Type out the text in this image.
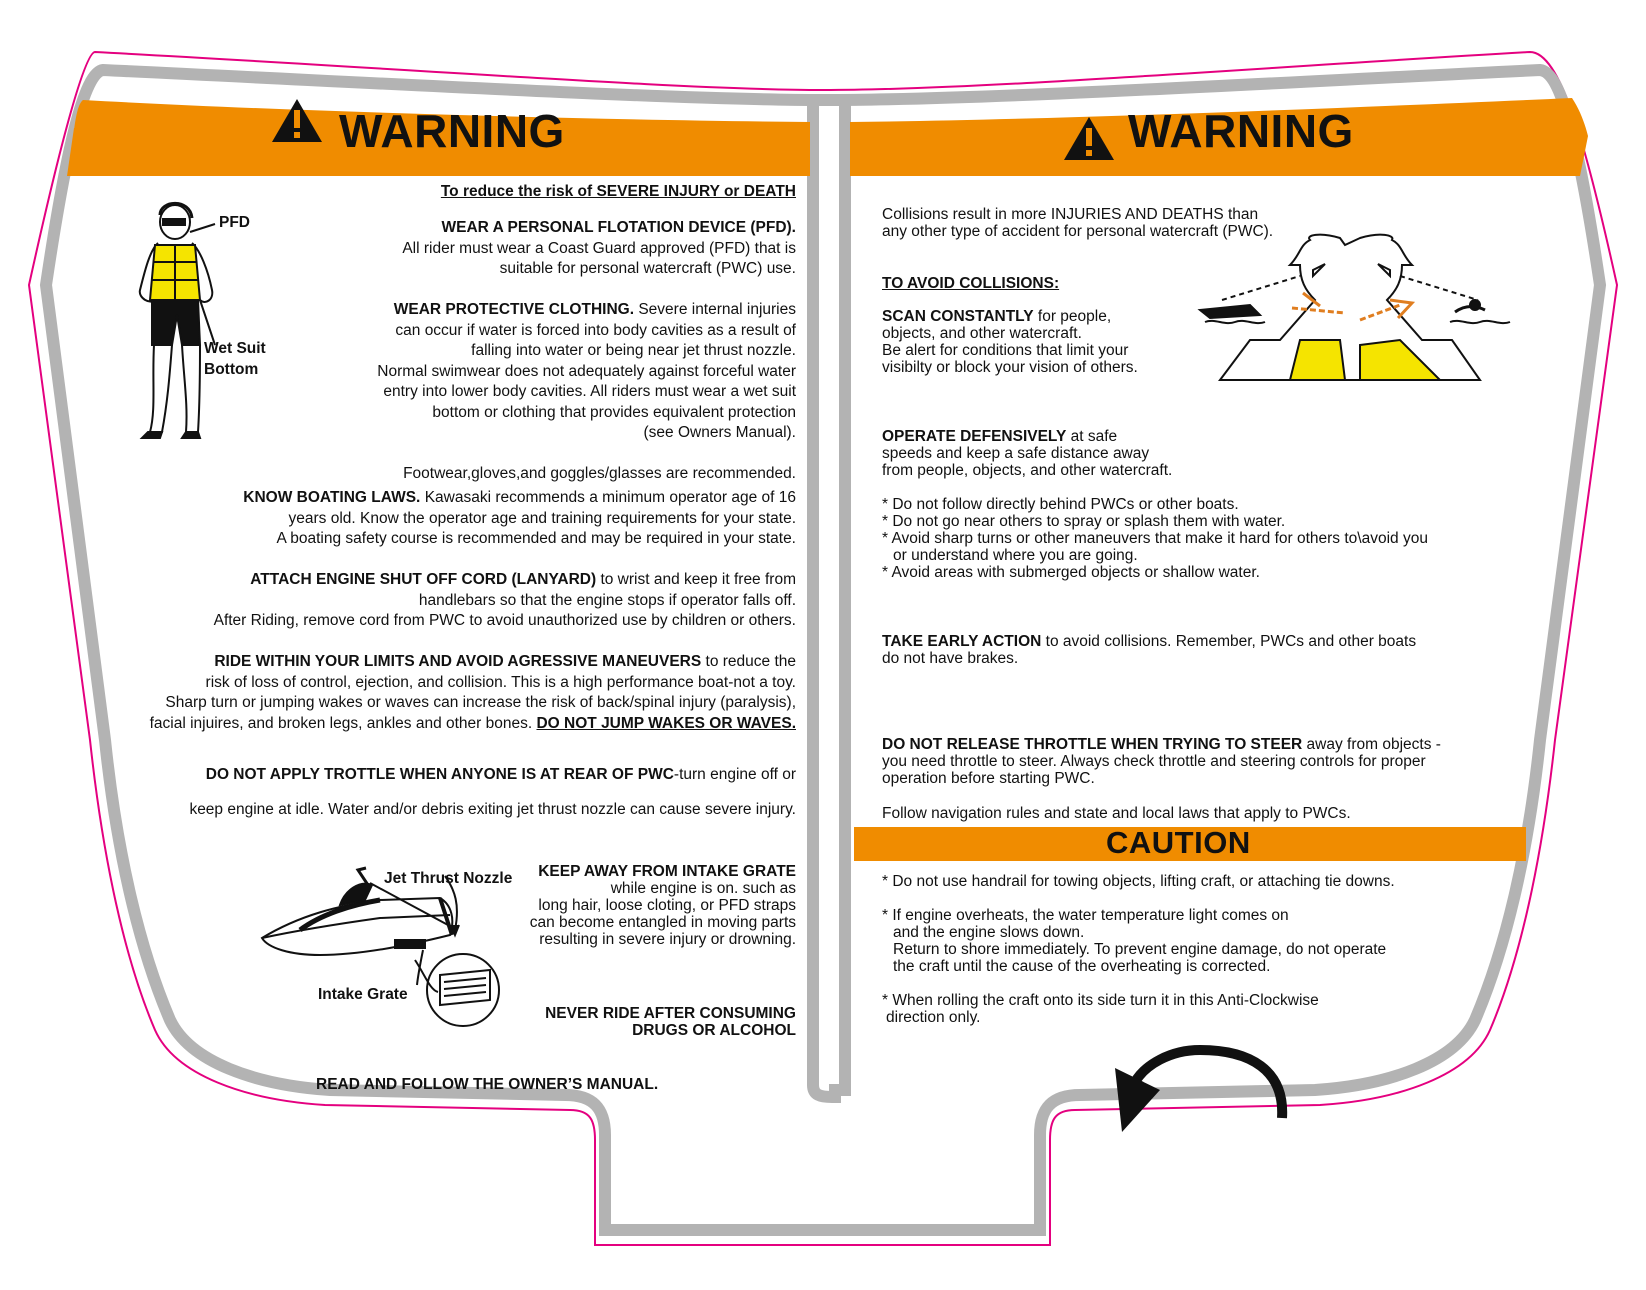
WARNING	WARNING
CAUTION
PFD
Wet Suit
Bottom
Jet Thrust Nozzle
Intake Grate
To reduce the risk of SEVERE INJURY or DEATH
WEAR A PERSONAL FLOTATION DEVICE (PFD).
All rider must wear a Coast Guard approved (PFD) that is
suitable for personal watercraft (PWC) use.
WEAR PROTECTIVE CLOTHING. Severe internal injuries
can occur if water is forced into body cavities as a result of
falling into water or being near jet thrust nozzle.
Normal swimwear does not adequately against forceful water
entry into lower body cavities. All riders must wear a wet suit
bottom or clothing that provides equivalent protection
(see Owners Manual).
Footwear,gloves,and goggles/glasses are recommended.
KNOW BOATING LAWS. Kawasaki recommends a minimum operator age of 16
years old. Know the operator age and training requirements for your state.
A boating safety course is recommended and may be required in your state.
ATTACH ENGINE SHUT OFF CORD (LANYARD) to wrist and keep it free from
handlebars so that the engine stops if operator falls off.
After Riding, remove cord from PWC to avoid unauthorized use by children or others.
RIDE WITHIN YOUR LIMITS AND AVOID AGRESSIVE MANEUVERS to reduce the
risk of loss of control, ejection, and collision. This is a high performance boat-not a toy.
Sharp turn or jumping wakes or waves can increase the risk of back/spinal injury (paralysis),
facial injuires, and broken legs, ankles and other bones. DO NOT JUMP WAKES OR WAVES.
DO NOT APPLY TROTTLE WHEN ANYONE IS AT REAR OF PWC-turn engine off or
keep engine at idle. Water and/or debris exiting jet thrust nozzle can cause severe injury.
KEEP AWAY FROM INTAKE GRATE
while engine is on. such as
long hair, loose cloting, or PFD straps
can become entangled in moving parts
resulting in severe injury or drowning.
NEVER RIDE AFTER CONSUMING
DRUGS OR ALCOHOL
READ AND FOLLOW THE OWNER’S MANUAL.
Collisions result in more INJURIES AND DEATHS than
any other type of accident for personal watercraft (PWC).
TO AVOID COLLISIONS:
SCAN CONSTANTLY for people,
objects, and other watercraft.
Be alert for conditions that limit your
visibilty or block your vision of others.
OPERATE DEFENSIVELY at safe
speeds and keep a safe distance away
from people, objects, and other watercraft.
* Do not follow directly behind PWCs or other boats.
* Do not go near others to spray or splash them with water.
* Avoid sharp turns or other maneuvers that make it hard for others to\avoid you
or understand where you are going.
* Avoid areas with submerged objects or shallow water.
TAKE EARLY ACTION to avoid collisions. Remember, PWCs and other boats
do not have brakes.
DO NOT RELEASE THROTTLE WHEN TRYING TO STEER away from objects -
you need throttle to steer. Always check throttle and steering controls for proper
operation before starting PWC.
Follow navigation rules and state and local laws that apply to PWCs.
* Do not use handrail for towing objects, lifting craft, or attaching tie downs.
* If engine overheats, the water temperature light comes on
and the engine slows down.
Return to shore immediately. To prevent engine damage, do not operate
the craft until the cause of the overheating is corrected.
* When rolling the craft onto its side turn it in this Anti-Clockwise
direction only.
